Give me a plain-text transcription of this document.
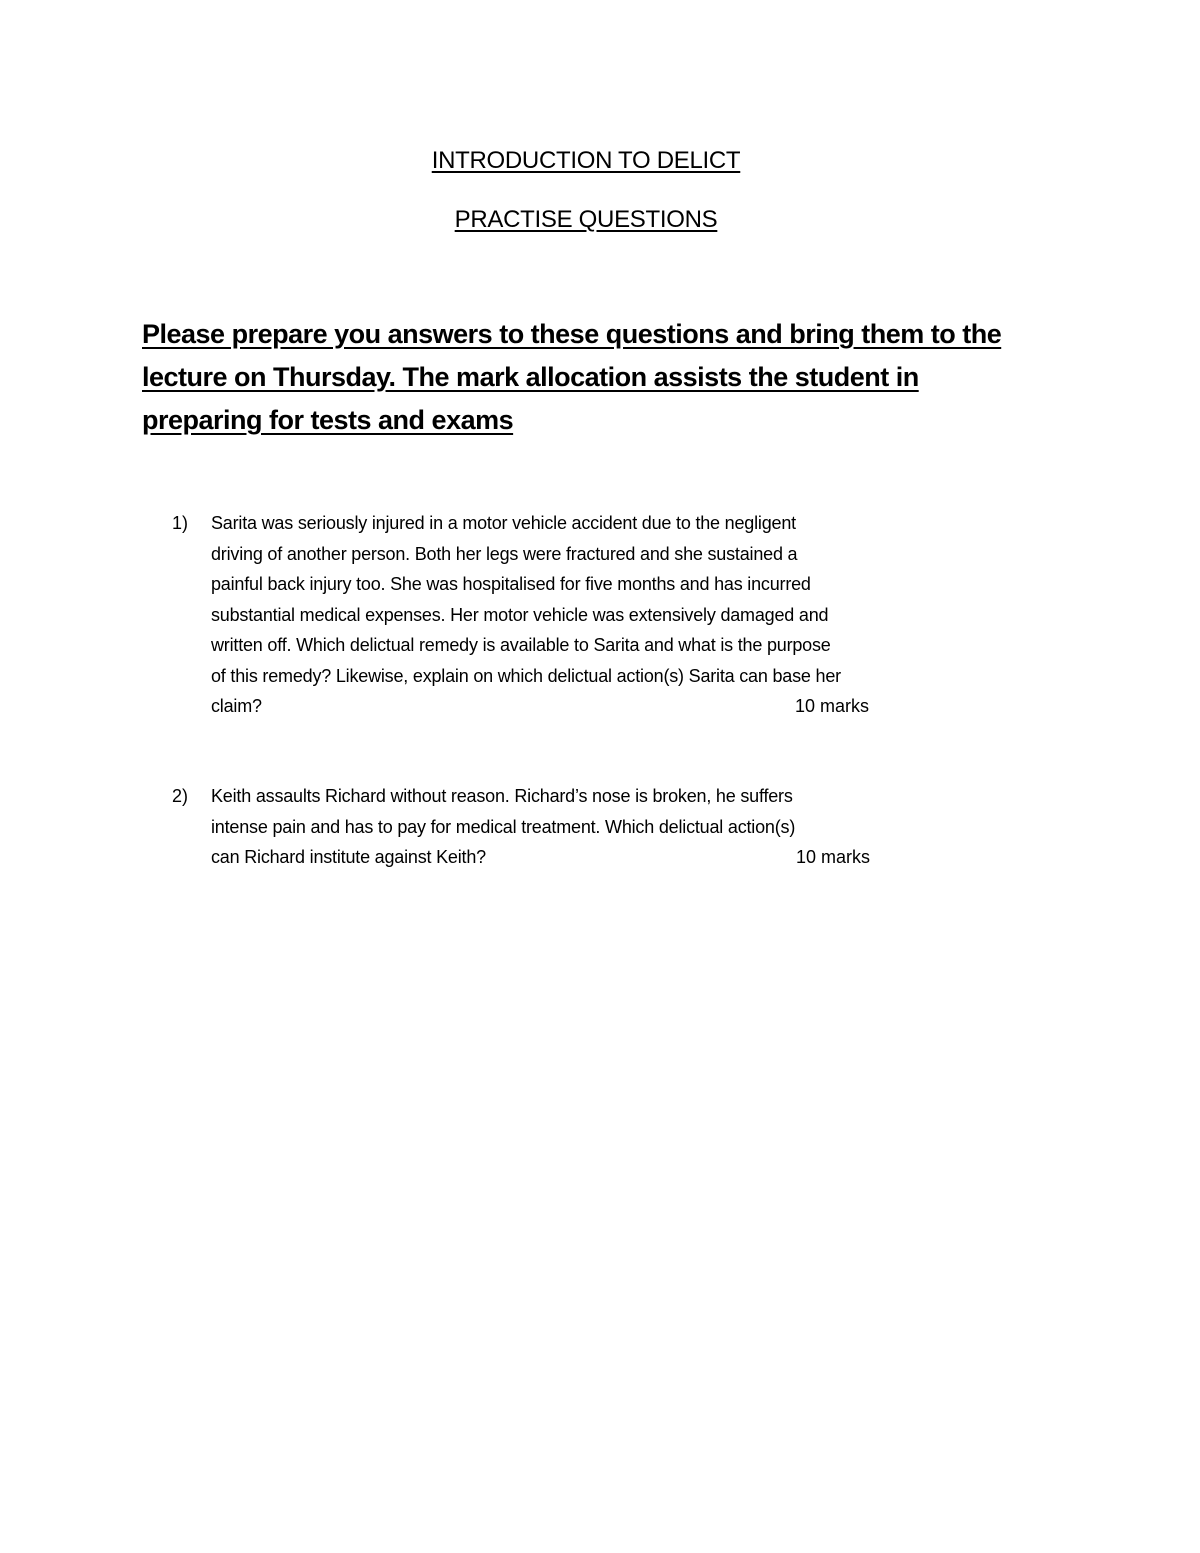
INTRODUCTION TO DELICT
PRACTISE QUESTIONS
Please prepare you answers to these questions and bring them to the
lecture on Thursday. The mark allocation assists the student in
preparing for tests and exams
1) Sarita was seriously injured in a motor vehicle accident due to the negligent
driving of another person. Both her legs were fractured and she sustained a
painful back injury too. She was hospitalised for five months and has incurred
substantial medical expenses. Her motor vehicle was extensively damaged and
written off. Which delictual remedy is available to Sarita and what is the purpose
of this remedy? Likewise, explain on which delictual action(s) Sarita can base her
claim?	10 marks
2) Keith assaults Richard without reason. Richard’s nose is broken, he suffers
intense pain and has to pay for medical treatment. Which delictual action(s)
can Richard institute against Keith?	10 marks
